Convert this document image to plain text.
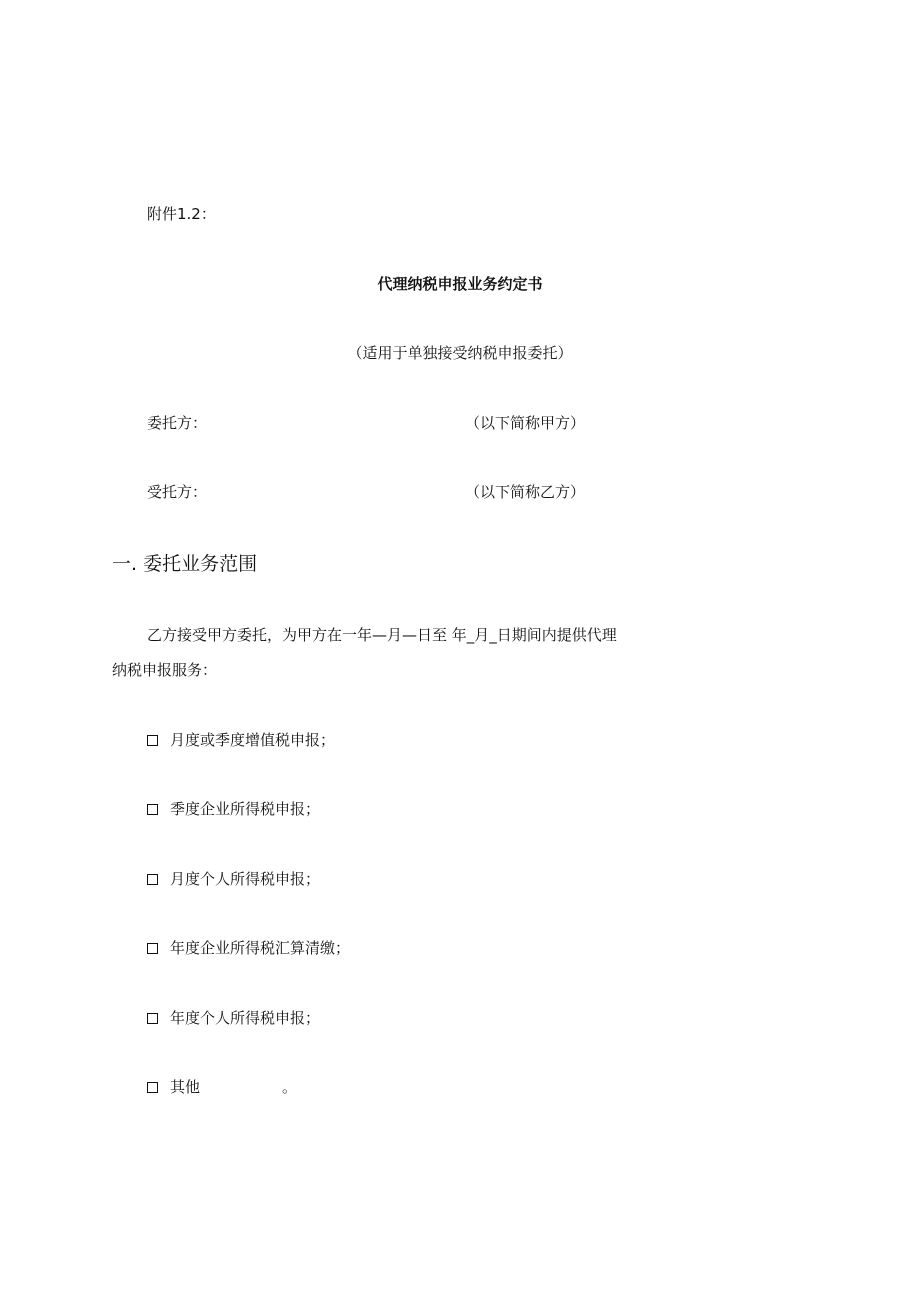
附件1.2：
代理纳税申报业务约定书
（适用于单独接受纳税申报委托）
委托方：	（以下简称甲方）
受托方：	（以下简称乙方）
一. 委托业务范围
乙方接受甲方委托，为甲方在一年—月—日至 年_月_日期间内提供代理
纳税申报服务：
月度或季度增值税申报；
季度企业所得税申报；
月度个人所得税申报；
年度企业所得税汇算清缴；
年度个人所得税申报；
其他	。
